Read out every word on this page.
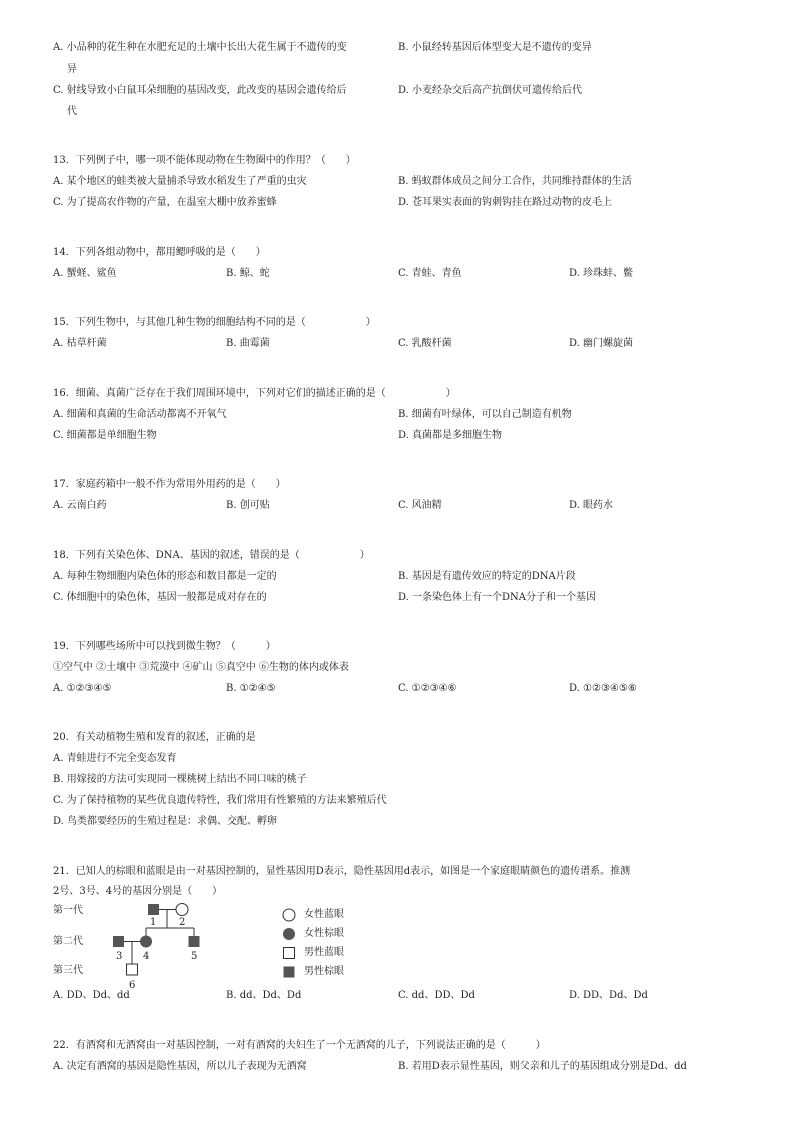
A. 小品种的花生种在水肥充足的土壤中长出大花生属于不遗传的变
异
B. 小鼠经转基因后体型变大是不遗传的变异
C. 射线导致小白鼠耳朵细胞的基因改变，此改变的基因会遗传给后
代
D. 小麦经杂交后高产抗倒伏可遗传给后代
13．下列例子中，哪一项不能体现动物在生物圈中的作用？（　　）
A. 某个地区的蛙类被大量捕杀导致水稻发生了严重的虫灾	B. 蚂蚁群体成员之间分工合作，共同维持群体的生活
C. 为了提高农作物的产量，在温室大棚中放养蜜蜂	D. 苍耳果实表面的钩刺钩挂在路过动物的皮毛上
14．下列各组动物中，都用鳃呼吸的是（　　）
A. 蟹蛏、鲨鱼	B. 鲸、蛇	C. 青蛙、青鱼	D. 珍珠蚌、鳖
15．下列生物中，与其他几种生物的细胞结构不同的是（　　　　　　）
A. 枯草杆菌	B. 曲霉菌	C. 乳酸杆菌	D. 幽门螺旋菌
16．细菌、真菌广泛存在于我们周围环境中，下列对它们的描述正确的是（　　　　　　）
A. 细菌和真菌的生命活动都离不开氧气	B. 细菌有叶绿体，可以自己制造有机物
C. 细菌都是单细胞生物	D. 真菌都是多细胞生物
17．家庭药箱中一般不作为常用外用药的是（　　）
A. 云南白药	B. 创可贴	C. 风油精	D. 眼药水
18．下列有关染色体、DNA、基因的叙述，错误的是（　　　　　　）
A. 每种生物细胞内染色体的形态和数目都是一定的	B. 基因是有遗传效应的特定的DNA片段
C. 体细胞中的染色体，基因一般都是成对存在的	D. 一条染色体上有一个DNA分子和一个基因
19．下列哪些场所中可以找到微生物？（　　　）
①空气中 ②土壤中 ③荒漠中 ④矿山 ⑤真空中 ⑥生物的体内或体表
A. ①②③④⑤	B. ①②④⑤	C. ①②③④⑥	D. ①②③④⑤⑥
20．有关动植物生殖和发育的叙述，正确的是
A. 青蛙进行不完全变态发育
B. 用嫁接的方法可实现同一棵桃树上结出不同口味的桃子
C. 为了保持植物的某些优良遗传特性，我们常用有性繁殖的方法来繁殖后代
D. 鸟类都要经历的生殖过程是：求偶、交配、孵卵
21．已知人的棕眼和蓝眼是由一对基因控制的，显性基因用D表示，隐性基因用d表示，如图是一个家庭眼睛颜色的遗传谱系。推测
2号、3号、4号的基因分别是（　　）
第一代
第二代
第三代
1 2
3 4	5
6
女性蓝眼
女性棕眼
男性蓝眼
男性棕眼
A. DD、Dd、dd	B. dd、Dd、Dd	C. dd、DD、Dd	D. DD、Dd、Dd
22．有酒窝和无酒窝由一对基因控制，一对有酒窝的夫妇生了一个无酒窝的儿子，下列说法正确的是（　　　）
A. 决定有酒窝的基因是隐性基因，所以儿子表现为无酒窝	B. 若用D表示显性基因，则父亲和儿子的基因组成分别是Dd、dd
